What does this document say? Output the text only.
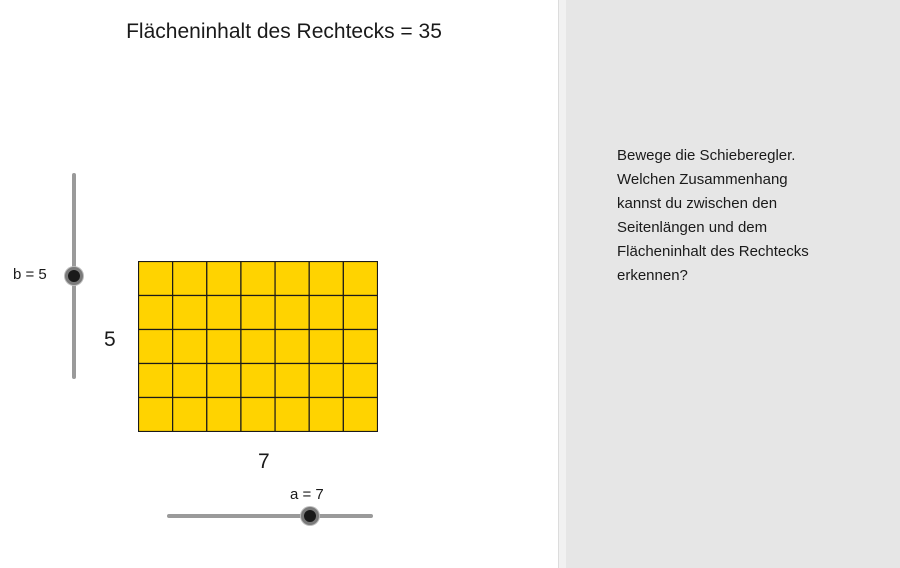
Flächeninhalt des Rechtecks = 35
b = 5
5
7
a = 7
Bewege die Schieberegler.
Welchen Zusammenhang
kannst du zwischen den
Seitenlängen und dem
Flächeninhalt des Rechtecks
erkennen?
